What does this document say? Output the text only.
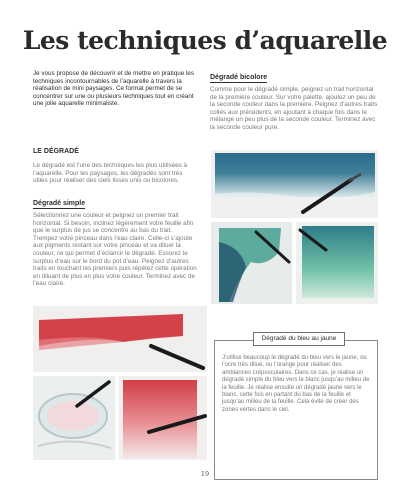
Les techniques d’aquarelle

Je vous propose de découvrir et de mettre en pratique les techniques incontournables de l’aquarelle à travers la réalisation de mini paysages. Ce format permet de se concentrer sur une ou plusieurs techniques tout en créant une jolie aquarelle minimaliste.

LE DÉGRADÉ

Le dégradé est l’une des techniques les plus utilisées à l’aquarelle. Pour les paysages, les dégradés sont très utiles pour réaliser des ciels lisses unis ou bicolores.

Dégradé simple

Sélectionnez une couleur et peignez un premier trait horizontal. Si besoin, inclinez légèrement votre feuille afin que le surplus de jus se concentre au bas du trait. Trempez votre pinceau dans l’eau claire. Celle-ci s’ajoute aux pigments restant sur votre pinceau et va diluer la couleur, ce qui permet d’éclaircir le dégradé. Essorez le surplus d’eau sur le bord du pot d’eau. Peignez d’autres traits en touchant les premiers puis répétez cette opération en diluant de plus en plus votre couleur. Terminez avec de l’eau claire.

Dégradé bicolore

Comme pour le dégradé simple, peignez un trait horizontal de la première couleur. Sur votre palette, ajoutez un peu de la seconde couleur dans la première. Peignez d’autres traits collés aux précédents, en ajoutant à chaque fois dans le mélange un peu plus de la seconde couleur. Terminez avec la seconde couleur pure.

Dégradé du bleu au jaune

J’utilise beaucoup le dégradé du bleu vers le jaune, ou l’ocre très dilué, ou l’orange pour réaliser des ambiances crépusculaires. Dans ce cas, je réalise un dégradé simple du bleu vers le blanc jusqu’au milieu de la feuille. Je réalise ensuite un dégradé jaune vers le blanc, cette fois en partant du bas de la feuille et jusqu’au milieu de la feuille. Cela évite de créer des zones vertes dans le ciel.

19
